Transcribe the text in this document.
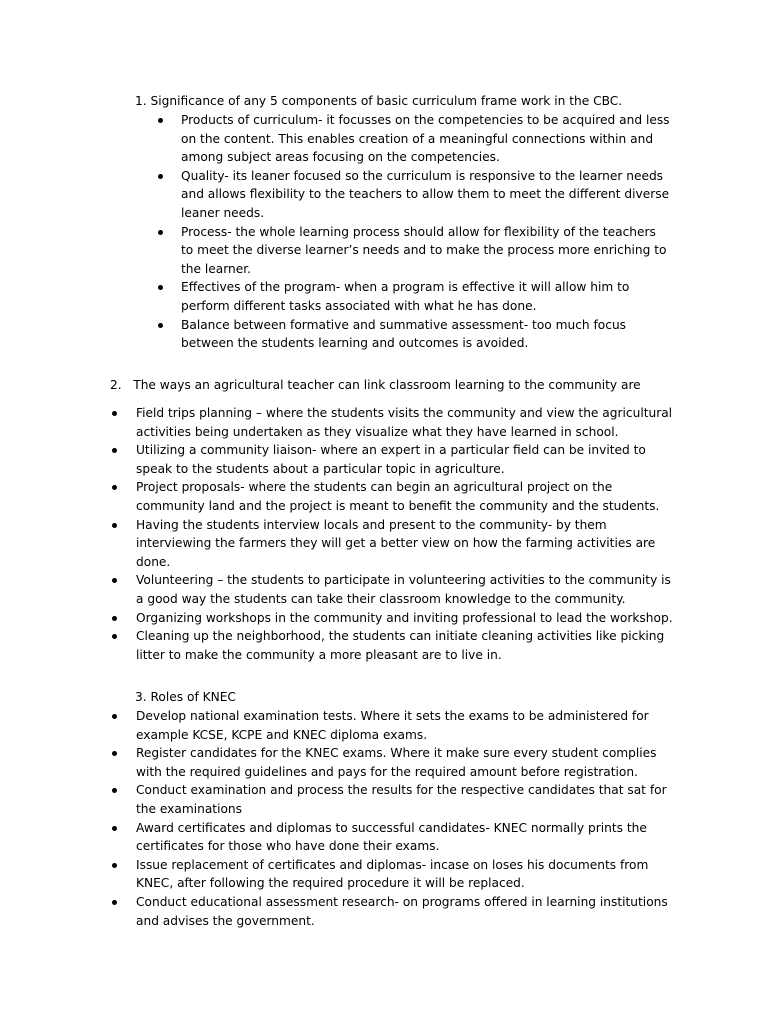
1. Significance of any 5 components of basic curriculum frame work in the CBC.

Products of curriculum- it focusses on the competencies to be acquired and less on the content. This enables creation of a meaningful connections within and among subject areas focusing on the competencies.
Quality- its leaner focused so the curriculum is responsive to the learner needs and allows flexibility to the teachers to allow them to meet the different diverse leaner needs.
Process- the whole learning process should allow for flexibility of the teachers to meet the diverse learner’s needs and to make the process more enriching to the learner.
Effectives of the program- when a program is effective it will allow him to perform different tasks associated with what he has done.
Balance between formative and summative assessment- too much focus between the students learning and outcomes is avoided.

2.   The ways an agricultural teacher can link classroom learning to the community are

Field trips planning – where the students visits the community and view the agricultural activities being undertaken as they visualize what they have learned in school.
Utilizing a community liaison- where an expert in a particular field can be invited to speak to the students about a particular topic in agriculture.
Project proposals- where the students can begin an agricultural project on the community land and the project is meant to benefit the community and the students.
Having the students interview locals and present to the community- by them interviewing the farmers they will get a better view on how the farming activities are done.
Volunteering – the students to participate in volunteering activities to the community is a good way the students can take their classroom knowledge to the community.
Organizing workshops in the community and inviting professional to lead the workshop.
Cleaning up the neighborhood, the students can initiate cleaning activities like picking litter to make the community a more pleasant are to live in.

3. Roles of KNEC

Develop national examination tests. Where it sets the exams to be administered for example KCSE, KCPE and KNEC diploma exams.
Register candidates for the KNEC exams. Where it make sure every student complies with the required guidelines and pays for the required amount before registration.
Conduct examination and process the results for the respective candidates that sat for the examinations
Award certificates and diplomas to successful candidates- KNEC normally prints the certificates for those who have done their exams.
Issue replacement of certificates and diplomas- incase on loses his documents from KNEC, after following the required procedure it will be replaced.
Conduct educational assessment research- on programs offered in learning institutions and advises the government.
